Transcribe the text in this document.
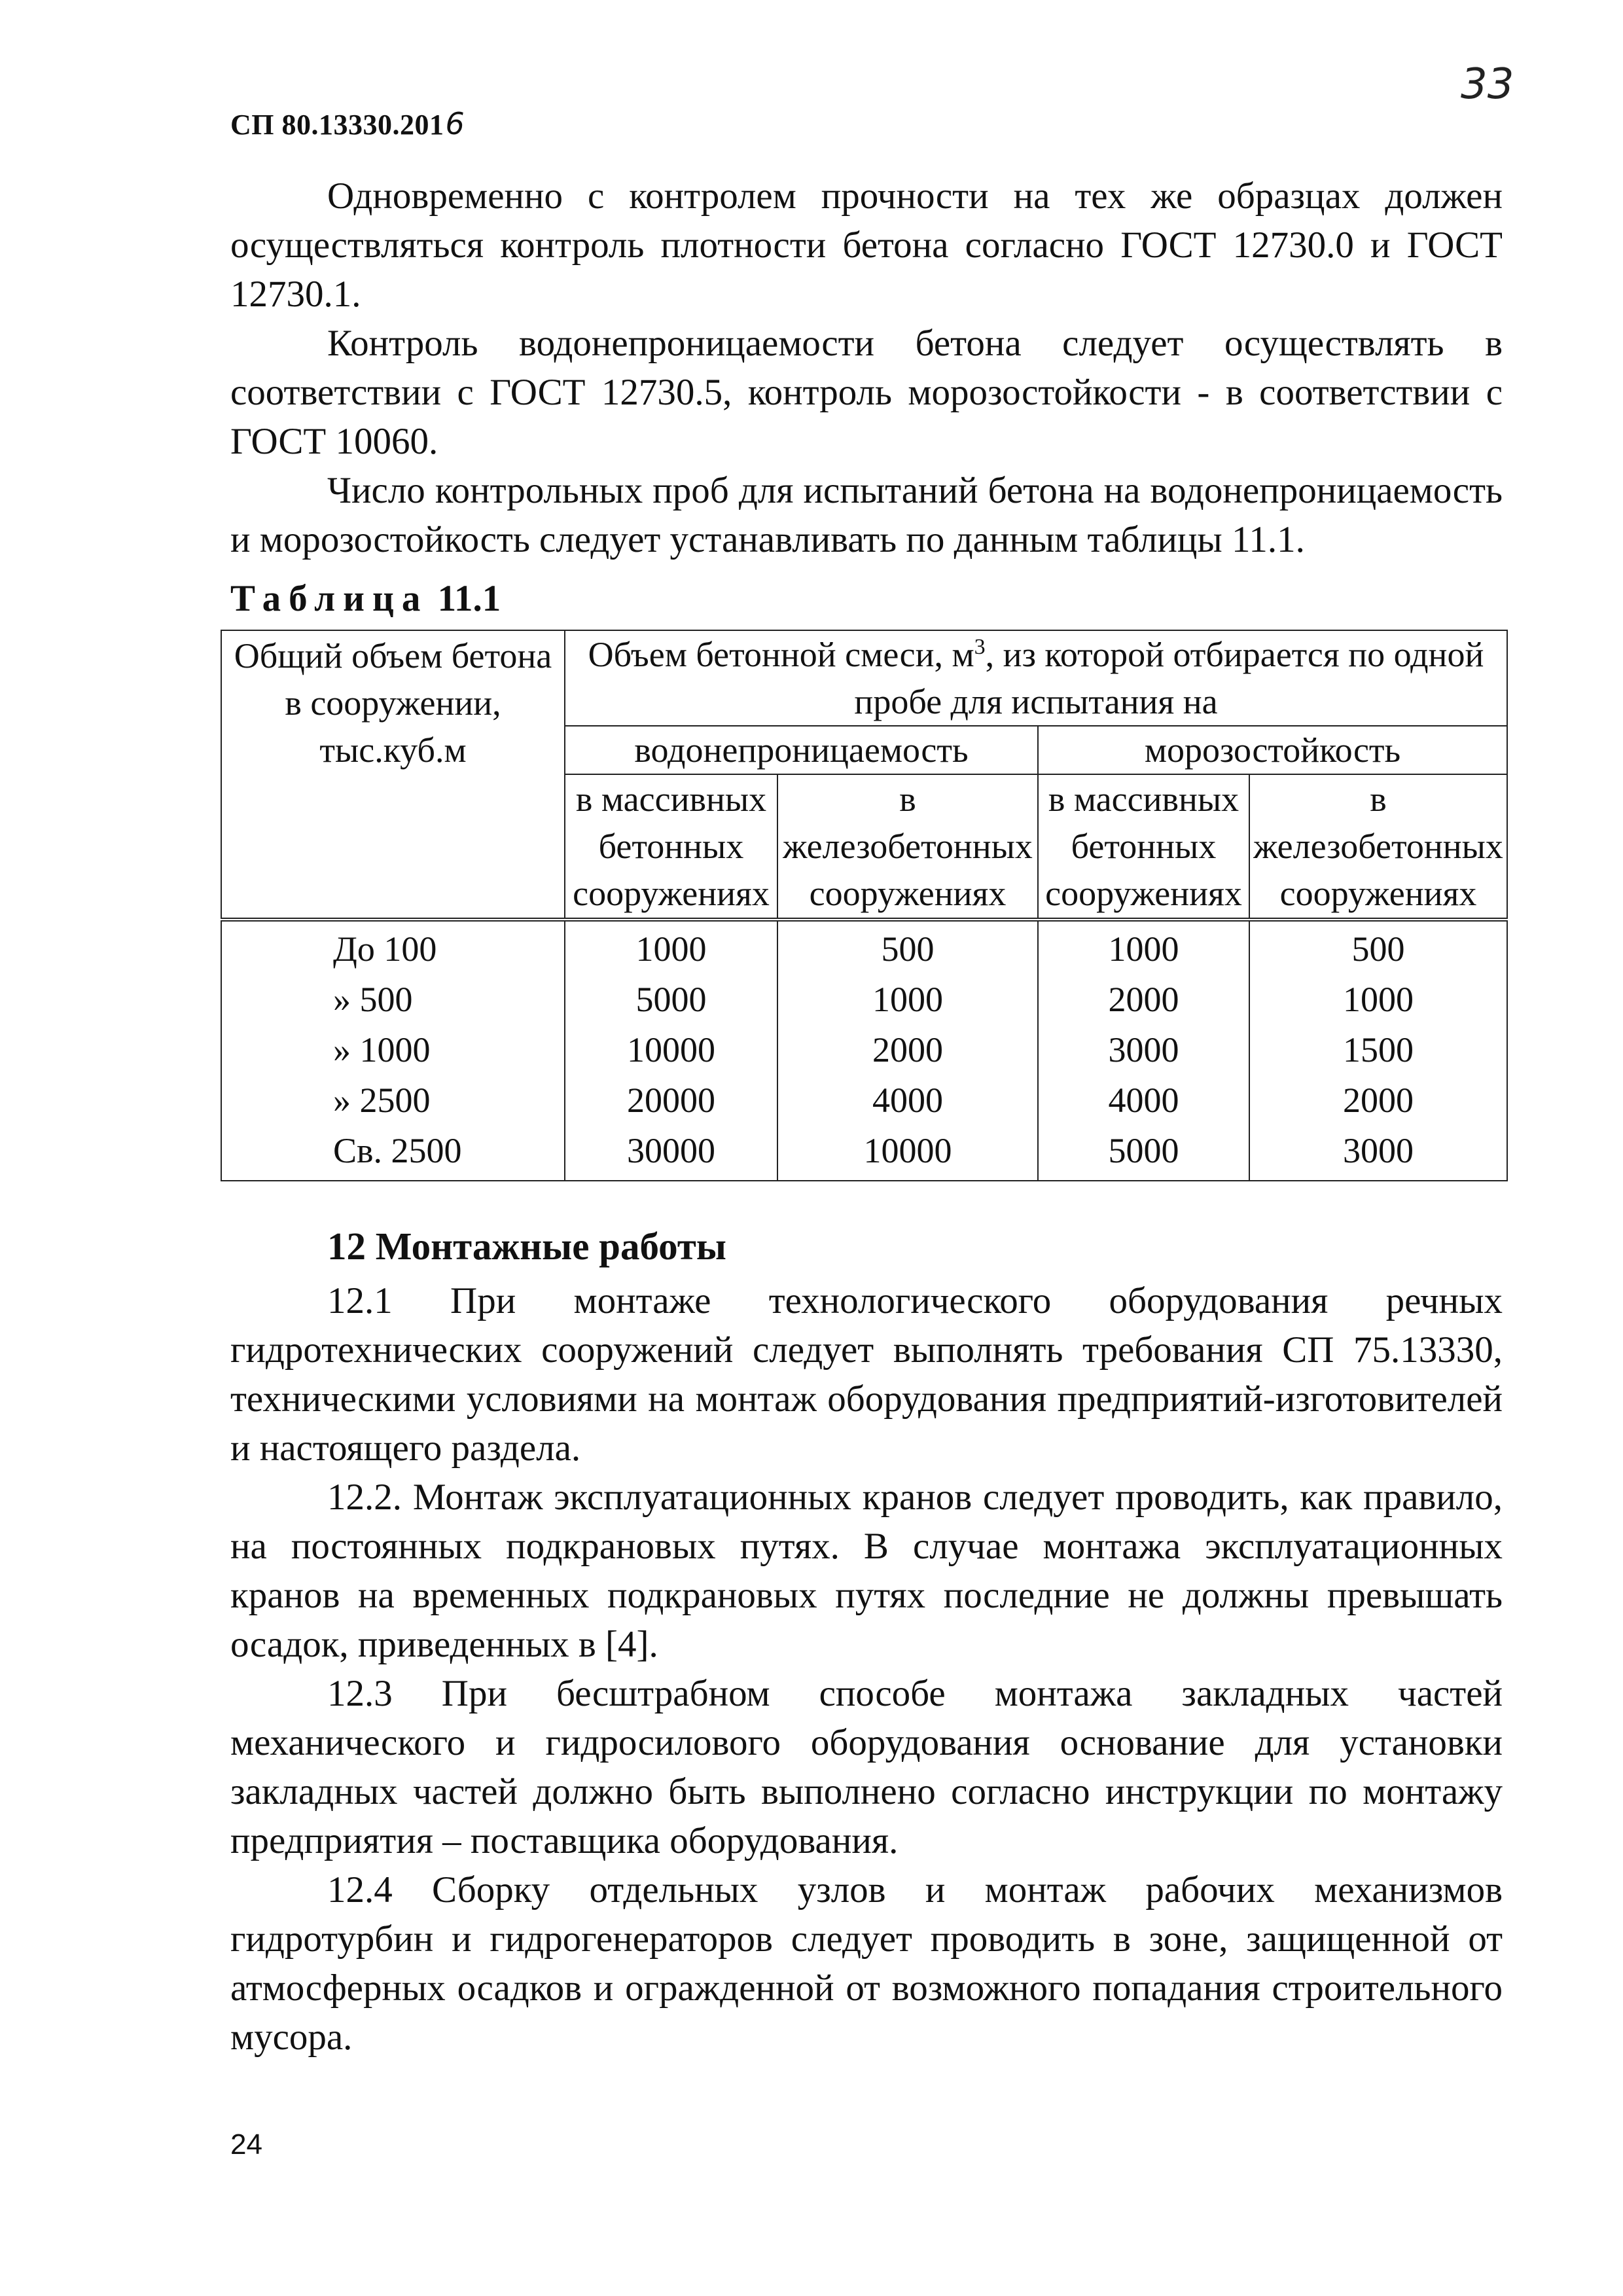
СП 80.13330.2016
33
Одновременно с контролем прочности на тех же образцах должен осуществляться контроль плотности бетона согласно ГОСТ 12730.0 и ГОСТ 12730.1.
Контроль водонепроницаемости бетона следует осуществлять в соответствии с ГОСТ 12730.5, контроль морозостойкости - в соответствии с ГОСТ 10060.
Число контрольных проб для испытаний бетона на водонепроницаемость и морозостойкость следует устанавливать по данным таблицы 11.1.
Таблица 11.1
Общий объем бетона в сооружении, тыс.куб.м	Объем бетонной смеси, $м^3$, из которой отбирается по одной пробе для испытания на			
	водонепроницаемость		морозостойкость	
	в массивных бетонных сооружениях	в железобетонных сооружениях	в массивных бетонных сооружениях	в железобетонных сооружениях
До 100	1000	500	1000	500
» 500	5000	1000	2000	1000
» 1000	10000	2000	3000	1500
» 2500	20000	4000	4000	2000
Св. 2500	30000	10000	5000	3000
12 Монтажные работы
12.1 При монтаже технологического оборудования речных гидротехнических сооружений следует выполнять требования СП 75.13330, техническими условиями на монтаж оборудования предприятий-изготовителей и настоящего раздела.
12.2. Монтаж эксплуатационных кранов следует проводить, как правило, на постоянных подкрановых путях. В случае монтажа эксплуатационных кранов на временных подкрановых путях последние не должны превышать осадок, приведенных в [4].
12.3 При бесштрабном способе монтажа закладных частей механического и гидросилового оборудования основание для установки закладных частей должно быть выполнено согласно инструкции по монтажу предприятия – поставщика оборудования.
12.4 Сборку отдельных узлов и монтаж рабочих механизмов гидротурбин и гидрогенераторов следует проводить в зоне, защищенной от атмосферных осадков и огражденной от возможного попадания строительного мусора.
24
